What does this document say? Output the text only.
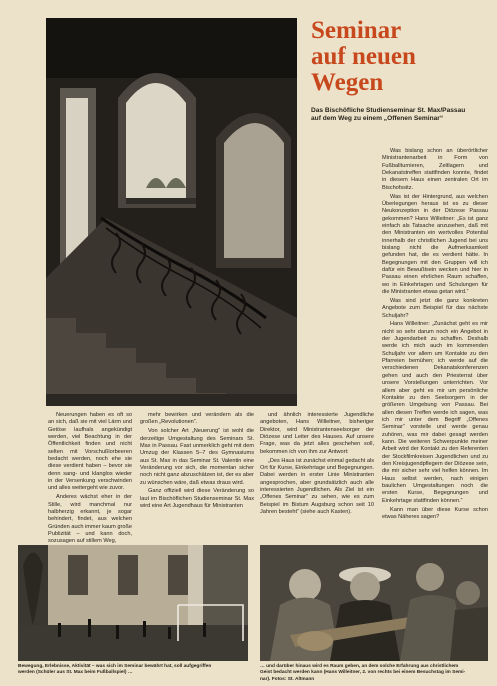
Seminar
auf neuen
Wegen

Das Bischöfliche Studienseminar St. Max/Passau
auf dem Weg zu einem „Offenen Seminar“

Was bislang schon an überörtlicher Ministrantenarbeit in Form von Fußballturnieren, Zeltlagern und Dekanatstreffen stattfinden konnte, findet in diesem Haus einen zentralen Ort im Bischofssitz.

Was ist der Hintergrund, aus welchen Überlegungen heraus ist es zu dieser Neukonzeption in der Diözese Passau gekommen? Hans Willeitner: „Es ist ganz einfach als Tatsache anzusehen, daß mit den Ministranten ein wertvolles Potential innerhalb der christlichen Jugend bei uns bislang nicht die Aufmerksamkeit gefunden hat, die es verdient hätte. In Begegnungen mit den Gruppen will ich dafür ein Bewußtsein wecken und hier in Passau einen ehrlichen Raum schaffen, wo in Einkehrtagen und Schulungen für die Ministranten etwas getan wird.“

Was sind jetzt die ganz konkreten Angebote zum Beispiel für das nächste Schuljahr?

Hans Willeitner: „Zunächst geht es mir nicht so sehr darum noch ein Angebot in der Jugendarbeit zu schaffen. Deshalb werde ich mich auch im kommenden Schuljahr vor allem um Kontakte zu den Pfarreien bemühen; ich werde auf die verschiedenen Dekanatskonferenzen gehen und auch den Priesterrat über unsere Vorstellungen unterrichten. Vor allem aber geht es mir um persönliche Kontakte zu den Seelsorgern in der größeren Umgebung von Passau. Bei allen diesen Treffen werde ich sagen, was ich mir unter dem Begriff „Offenes Seminar“ vorstelle und werde genau zuhören, was mir dabei gesagt werden kann. Die weiteren Schwerpunkte meiner Arbeit wird der Kontakt zu den Referenten der Stockfilmkreisen Jugendlichen und zu den Kreisjugendpflegern der Diözese sein, die mir sicher sehr viel helfen können. Im Haus selbst werden, nach einigen baulichen Umgestaltungen noch die ersten Kurse, Begegnungen und Einkehrtage stattfinden können.“

Kann man über diese Kurse schon etwas Näheres sagen?

Neuerungen haben es oft so an sich, daß sie mit viel Lärm und Getöse laufhals angekündigt werden, viel Beachtung in der Öffentlichkeit finden und nicht selten mit Vorschußlorbeeren bedacht werden, noch ehe sie diese verdient haben – bevor sie denn sang- und klanglos wieder in der Versenkung verschwinden und alles weitergeht wie zuvor.

Anderes wächst eher in der Stille, wird manchmal nur halbherzig erkannt, je sogar behindert, findet, aus welchen Gründen auch immer kaum große Publizität – und kann doch, sozusagen auf stillem Weg,

mehr bewirken und verändern als die großen „Revolutionen“.

Von solcher Art „Neuerung“ ist wohl die derzeitige Umgestaltung des Seminars St. Max in Passau. Fast unmerklich geht mit dem Umzug der Klassen 5–7 des Gymnasiums aus St. Max in das Seminar St. Valentin eine Veränderung vor sich, die momentan sicher noch nicht ganz abzuschätzen ist, der es aber zu wünschen wäre, daß etwas draus wird.

Ganz offiziell wird diese Veränderung so laut im Bischöflichen Studienseminar St. Max wird eine Art Jugendhaus für Ministranten

und ähnlich interessierte Jugendliche angeboten, Hans Willeitner, bisheriger Direktor, wird Ministrantenseelsorger der Diözese und Leiter des Hauses. Auf unsere Frage, was da jetzt alles geschehen soll, bekommen ich von ihm zur Antwort:

„Des Haus ist zunächst einmal gedacht als Ort für Kurse, Einkehrtage und Begegnungen. Dabei werden in erster Linie Ministranten angesprochen, aber grundsätzlich auch alle interessierten Jugendlichen. Als Ziel ist ein „Offenes Seminar“ zu sehen, wie es zum Beispiel im Bistum Augsburg schon seit 10 Jahren besteht“ (siehe auch Kasten).

Bewegung, Erlebnisse, Aktivität – was sich im Seminar bewährt hat, soll aufgegriffen
werden (Schüler aus St. Max beim Fußballspiel) …

… und darüber hinaus wird es Raum geben, an dem solche Erfahrung aus christlichem
Geist bedacht werden kann (Hans Willeitner, 2. von rechts bei einem Besuchstag im Semi-
nar). Fotos: St. Altmann
